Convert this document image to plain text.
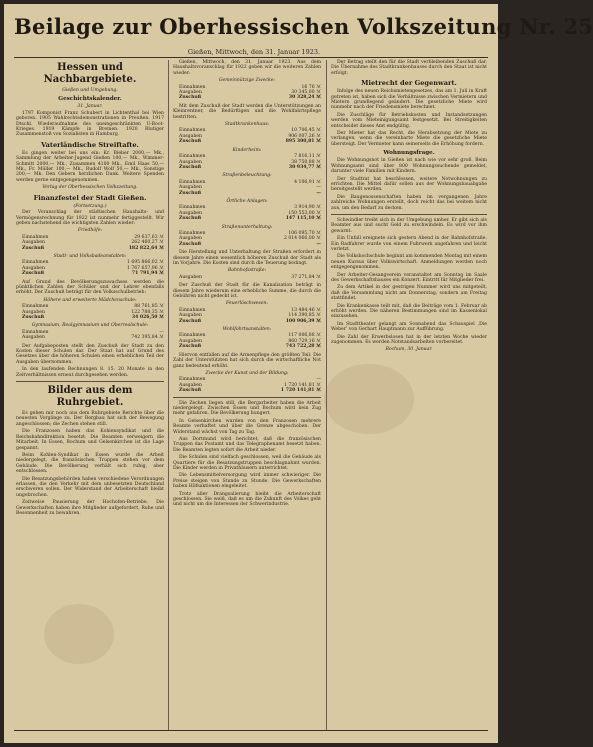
Beilage zur Oberhessischen Volkszeitung Nr. 25
Gießen, Mittwoch, den 31. Januar 1923.
Hessen und Nachbargebiete.
Gießen und Umgebung.
Geschichtskalender.
31. Januar.

1797 Komponist Franz Schubert in Lichtenthal bei Wien geboren. 1905 Wahlrechtsdemonstrationen in Preußen. 1917 Dtschl. Wiederaufnahme des uneingeschränkten U-Boot-Krieges. 1919 Kämpfe in Bremen. 1920 Blutiger Zusammenstoß von Sozialisten in Hamburg.

Vaterländische Streiftafte.

Es gingen weiter bei uns ein: Kr. Bieber 2000,— Mk., Sammlung der Arbeiter-Jugend Gießen 100,— Mk., Wimmer-Schmitt 2000,— Mk., Zusammen 4100 Mk., Emil Haas 50,— Mk., Fr. Müller 100,— Mk., Rudolf Wolf 50,— Mk., Sonstige 200,— Mk. Den Gebern herzlichen Dank. Weitere Spenden werden gerne entgegengenommen.

Verlag der Oberhessischen Volkszeitung.
Finanzfestel der Stadt Gießen.
(Fortsetzung.)

Der Voranschlag der städtischen Haushalts- und Vermögensrechnung für 1922 ist nunmehr fertiggestellt. Wir geben nachstehend die wichtigsten Zahlen wieder:

Friedhöfe:
Einnahmen	29 637,63 ℳ
Ausgaben	262 460,27 ℳ
Zuschuß	182 822,64 ℳ
Stadt- und Volksbadeanstalten:
Einnahmen	1 695 866,02 ℳ
Ausgaben	1 767 657,96 ℳ
Zuschuß	71 791,94 ℳ

Auf Grund des Bevölkerungszuwachses werden die pünktlichen Zahlen der Schüler und der Lehrer ebenfalls erhöht. Der Zuschuß beträgt für den Volksschulbetrieb:

Höhere und erweiterte Mädchenschule:
Einnahmen	88 761,85 ℳ
Ausgaben	122 788,35 ℳ
Zuschuß	34 026,50 ℳ
Gymnasium, Realgymnasium und Oberrealschule:
Einnahmen	—
Ausgaben	742 395,84 ℳ

Der Aufgabeposten stellt den Zuschuß der Stadt zu den Kosten dieser Schulen dar. Der Staat hat auf Grund des Gesetzes über die höheren Schulen einen erheblichen Teil der Ausgaben übernommen.

In den laufenden Rechnungen 8. 15. 20 Monate in den Zeitverhältnissen erneut durchgesehen werden.

Bilder aus dem Ruhrgebiet.

Es gehen mir noch aus dem Ruhrgebiete Berichte über die neuesten Vorgänge zu. Der Bergbau hat sich der Bewegung angeschlossen; die Zechen stehen still.

Die Franzosen haben das Kohlensyndikat und die Reichsbahndirektion besetzt. Die Beamten verweigern die Mitarbeit. In Essen, Bochum und Gelsenkirchen ist die Lage gespannt.

Beim Kohlen-Syndikat in Essen wurde die Arbeit niedergelegt, die französischen Truppen stehen vor dem Gebäude. Die Bevölkerung verhält sich ruhig, aber entschlossen.

Die Besatzungsbehörden haben verschiedene Verordnungen erlassen, die den Verkehr mit dem unbesetzten Deutschland erschweren sollen. Der Widerstand der Arbeiterschaft bleibt ungebrochen.

Zeitweise Pausierung der Hochofen-Betriebe. Die Gewerkschaften haben ihre Mitglieder aufgefordert, Ruhe und Besonnenheit zu bewahren.

Gießen, Mittwoch, den 31. Januar 1923. Aus dem Haushaltsvoranschlag für 1922 geben wir die weiteren Zahlen wieder:

Gemeinnützige Zwecke:
Einnahmen	16 76 ℳ
Ausgaben	30 345,00 ℳ
Zuschuß	30 328,24 ℳ

Mit dem Zuschuß der Stadt werden die Unterstützungen an Kleinrentner, die Bedürftigen und die Wohlfahrtspflege bestritten.

Stadtkrankenhaus:
Einnahmen	10 706,45 ℳ
Ausgaben	906 007,26 ℳ
Zuschuß	895 300,81 ℳ
Kinderheim:
Einnahmen	7 816,11 ℳ
Ausgaben	38 750,88 ℳ
Zuschuß	30 934,77 ℳ
Straßenbeleuchtung:
Einnahmen	4 106,91 ℳ
Ausgaben	—
Zuschuß	—
Örtliche Anlagen:
Einnahmen	3 914,90 ℳ
Ausgaben	150 553,00 ℳ
Zuschuß	147 115,10 ℳ
Straßenunterhaltung:
Einnahmen	106 095,70 ℳ
Ausgaben	2 014 066,00 ℳ
Zuschuß	—

Die Herstellung und Unterhaltung der Straßen erfordert in diesem Jahre einen wesentlich höheren Zuschuß der Stadt als im Vorjahre. Die Kosten sind durch die Teuerung bedingt.

Bahnhofsstraße:
Ausgaben	37 271,84 ℳ

Der Zuschuß der Stadt für die Kanalisation beträgt in diesem Jahre wiederum eine erhebliche Summe, die durch die Gebühren nicht gedeckt ist.

Feuerlöschwesen:
Einnahmen	13 484,46 ℳ
Ausgaben	114 390,85 ℳ
Zuschuß	100 906,39 ℳ
Wohlfahrtsanstalten:
Einnahmen	117 006,88 ℳ
Ausgaben	860 729,16 ℳ
Zuschuß	743 722,28 ℳ

Hiervon entfallen auf die Armenpflege den größten Teil. Die Zahl der Unterstützten hat sich durch die wirtschaftliche Not ganz bedeutend erhöht.

Zwecke der Kunst und der Bildung:
Einnahmen	—
Ausgaben	1 720 141,81 ℳ
Zuschuß	1 720 141,81 ℳ

Die Zechen liegen still, die Bergarbeiter haben die Arbeit niedergelegt. Zwischen Essen und Bochum wird kein Zug mehr gefahren. Die Bevölkerung hungert.

In Gelsenkirchen wurden von den Franzosen mehrere Beamte verhaftet und über die Grenze abgeschoben. Der Widerstand wächst von Tag zu Tag.

Aus Dortmund wird berichtet, daß die französischen Truppen das Postamt und das Telegraphenamt besetzt haben. Die Beamten legten sofort die Arbeit nieder.

Die Schulen sind vielfach geschlossen, weil die Gebäude als Quartiere für die Besatzungstruppen beschlagnahmt wurden. Die Kinder werden in Privathäusern unterrichtet.

Die Lebensmittelversorgung wird immer schwieriger. Die Preise steigen von Stunde zu Stunde. Die Gewerkschaften haben Hilfsaktionen eingeleitet.

Trotz aller Drangsalierung bleibt die Arbeiterschaft geschlossen. Sie weiß, daß es um die Zukunft des Volkes geht und nicht um die Interessen der Schwerindustrie.

Der Betrag stellt den für die Stadt verbleibenden Zuschuß dar. Die Übernahme des Stadtkrankenhauses durch den Staat ist nicht erfolgt.

Mietrecht der Gegenwart.

Infolge des neuen Reichsmietengesetzes, das am 1. Juli in Kraft getreten ist, haben sich die Verhältnisse zwischen Vermietern und Mietern grundlegend geändert. Die gesetzliche Miete wird nunmehr nach der Friedensmiete berechnet.

Die Zuschläge für Betriebskosten und Instandsetzungen werden vom Mieteinigungsamt festgesetzt. Bei Streitigkeiten entscheidet dieses Amt endgültig.

Der Mieter hat das Recht, die Herabsetzung der Miete zu verlangen, wenn die vereinbarte Miete die gesetzliche Miete übersteigt. Der Vermieter kann seinerseits die Erhöhung fordern.

Wohnungsfrage.

Die Wohnungsnot in Gießen ist nach wie vor sehr groß. Beim Wohnungsamt sind über 800 Wohnungssuchende gemeldet, darunter viele Familien mit Kindern.

Der Stadtrat hat beschlossen, weitere Notwohnungen zu errichten. Die Mittel dafür sollen aus der Wohnungsbauabgabe bereitgestellt werden.

Die Baugenossenschaften haben im vergangenen Jahre zahlreiche Wohnungen erstellt, doch reicht das bei weitem nicht aus, um den Bedarf zu decken.

Schwindler treibt sich in der Umgebung umher. Er gibt sich als Beamter aus und sucht Geld zu erschwindeln. Es wird vor ihm gewarnt.

Ein Unfall ereignete sich gestern Abend in der Bahnhofstraße. Ein Radfahrer wurde von einem Fuhrwerk angefahren und leicht verletzt.

Die Volkshochschule beginnt am kommenden Montag mit einem neuen Kursus über Volkswirtschaft. Anmeldungen werden noch entgegengenommen.

Der Arbeiter-Gesangverein veranstaltet am Sonntag im Saale des Gewerkschaftshauses ein Konzert. Eintritt für Mitglieder frei.

Zu dem Artikel in der gestrigen Nummer wird uns mitgeteilt, daß die Versammlung nicht am Donnerstag, sondern am Freitag stattfindet.

Die Krankenkasse teilt mit, daß die Beiträge vom 1. Februar ab erhöht werden. Die näheren Bestimmungen sind im Kassenlokal einzusehen.

Im Stadttheater gelangt am Sonnabend das Schauspiel ‚Die Weber‘ von Gerhart Hauptmann zur Aufführung.

Die Zahl der Erwerbslosen hat in der letzten Woche wieder zugenommen. Es werden Notstandsarbeiten vorbereitet.

Bochum, 30. Januar.
